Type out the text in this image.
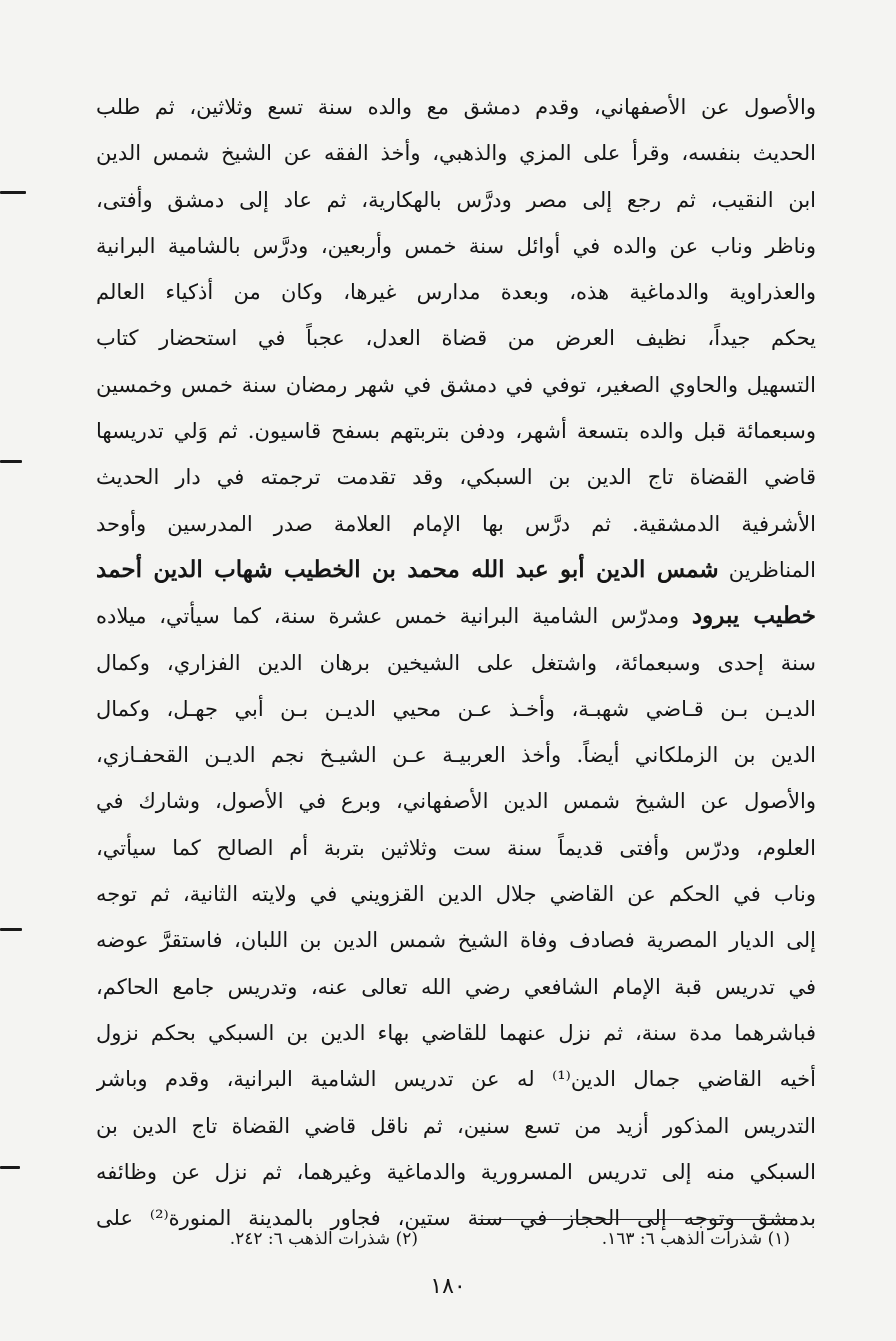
والأصول عن الأصفهاني، وقدم دمشق مع والده سنة تسع وثلاثين، ثم طلب
الحديث بنفسه، وقرأ على المزي والذهبي، وأخذ الفقه عن الشيخ شمس الدين
ابن النقيب، ثم رجع إلى مصر ودرَّس بالهكارية، ثم عاد إلى دمشق وأفتى،
وناظر وناب عن والده في أوائل سنة خمس وأربعين، ودرَّس بالشامية البرانية
والعذراوية والدماغية هذه، وبعدة مدارس غيرها، وكان من أذكياء العالم
يحكم جيداً، نظيف العرض من قضاة العدل، عجباً في استحضار كتاب
التسهيل والحاوي الصغير، توفي في دمشق في شهر رمضان سنة خمس وخمسين
وسبعمائة قبل والده بتسعة أشهر، ودفن بتربتهم بسفح قاسيون. ثم وَلي تدريسها
قاضي القضاة تاج الدين بن السبكي، وقد تقدمت ترجمته في دار الحديث
الأشرفية الدمشقية. ثم درَّس بها الإمام العلامة صدر المدرسين وأوحد
المناظرين شمس الدين أبو عبد الله محمد بن الخطيب شهاب الدين أحمد
خطيب يبرود ومدرّس الشامية البرانية خمس عشرة سنة، كما سيأتي، ميلاده
سنة إحدى وسبعمائة، واشتغل على الشيخين برهان الدين الفزاري، وكمال
الديـن بـن قـاضي شهبـة، وأخـذ عـن محيي الديـن بـن أبي جهـل، وكمال
الدين بن الزملكاني أيضاً. وأخذ العربيـة عـن الشيـخ نجم الديـن القحفـازي،
والأصول عن الشيخ شمس الدين الأصفهاني، وبرع في الأصول، وشارك في
العلوم، ودرّس وأفتى قديماً سنة ست وثلاثين بتربة أم الصالح كما سيأتي،
وناب في الحكم عن القاضي جلال الدين القزويني في ولايته الثانية، ثم توجه
إلى الديار المصرية فصادف وفاة الشيخ شمس الدين بن اللبان، فاستقرَّ عوضه
في تدريس قبة الإمام الشافعي رضي الله تعالى عنه، وتدريس جامع الحاكم،
فباشرهما مدة سنة، ثم نزل عنهما للقاضي بهاء الدين بن السبكي بحكم نزول
أخيه القاضي جمال الدين⁽¹⁾ له عن تدريس الشامية البرانية، وقدم وباشر
التدريس المذكور أزيد من تسع سنين، ثم ناقل قاضي القضاة تاج الدين بن
السبكي منه إلى تدريس المسرورية والدماغية وغيرهما، ثم نزل عن وظائفه
بدمشق وتوجه إلى الحجاز في سنة ستين، فجاور بالمدينة المنورة⁽²⁾ على
(١) شذرات الذهب ٦: ١٦٣.
(٢) شذرات الذهب ٦: ٢٤٢.
١٨٠
